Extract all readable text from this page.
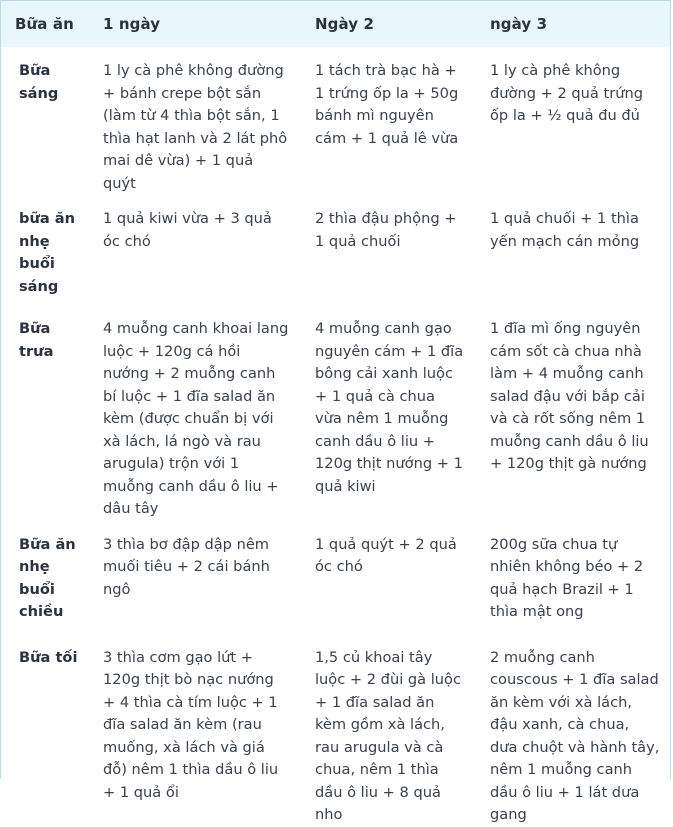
Bữa ăn	1 ngày	Ngày 2	ngày 3
Bữa sáng	1 ly cà phê không đường + bánh crepe bột sắn (làm từ 4 thìa bột sắn, 1 thìa hạt lanh và 2 lát phô mai dê vừa) + 1 quả quýt	1 tách trà bạc hà + 1 trứng ốp la + 50g bánh mì nguyên cám + 1 quả lê vừa	1 ly cà phê không đường + 2 quả trứng ốp la + ½ quả đu đủ
bữa ăn nhẹ buổi sáng	1 quả kiwi vừa + 3 quả óc chó	2 thìa đậu phộng + 1 quả chuối	1 quả chuối + 1 thìa yến mạch cán mỏng
Bữa trưa	4 muỗng canh khoai lang luộc + 120g cá hồi nướng + 2 muỗng canh bí luộc + 1 đĩa salad ăn kèm (được chuẩn bị với xà lách, lá ngò và rau arugula) trộn với 1 muỗng canh dầu ô liu + dâu tây	4 muỗng canh gạo nguyên cám + 1 đĩa bông cải xanh luộc + 1 quả cà chua vừa nêm 1 muỗng canh dầu ô liu + 120g thịt nướng + 1 quả kiwi	1 đĩa mì ống nguyên cám sốt cà chua nhà làm + 4 muỗng canh salad đậu với bắp cải và cà rốt sống nêm 1 muỗng canh dầu ô liu + 120g thịt gà nướng
Bữa ăn nhẹ buổi chiều	3 thìa bơ đập dập nêm muối tiêu + 2 cái bánh ngô	1 quả quýt + 2 quả óc chó	200g sữa chua tự nhiên không béo + 2 quả hạch Brazil + 1 thìa mật ong
Bữa tối	3 thìa cơm gạo lứt + 120g thịt bò nạc nướng + 4 thìa cà tím luộc + 1 đĩa salad ăn kèm (rau muống, xà lách và giá đỗ) nêm 1 thìa dầu ô liu + 1 quả ổi	1,5 củ khoai tây luộc + 2 đùi gà luộc + 1 đĩa salad ăn kèm gồm xà lách, rau arugula và cà chua, nêm 1 thìa dầu ô liu + 8 quả nho	2 muỗng canh couscous + 1 đĩa salad ăn kèm với xà lách, đậu xanh, cà chua, dưa chuột và hành tây, nêm 1 muỗng canh dầu ô liu + 1 lát dưa gang
